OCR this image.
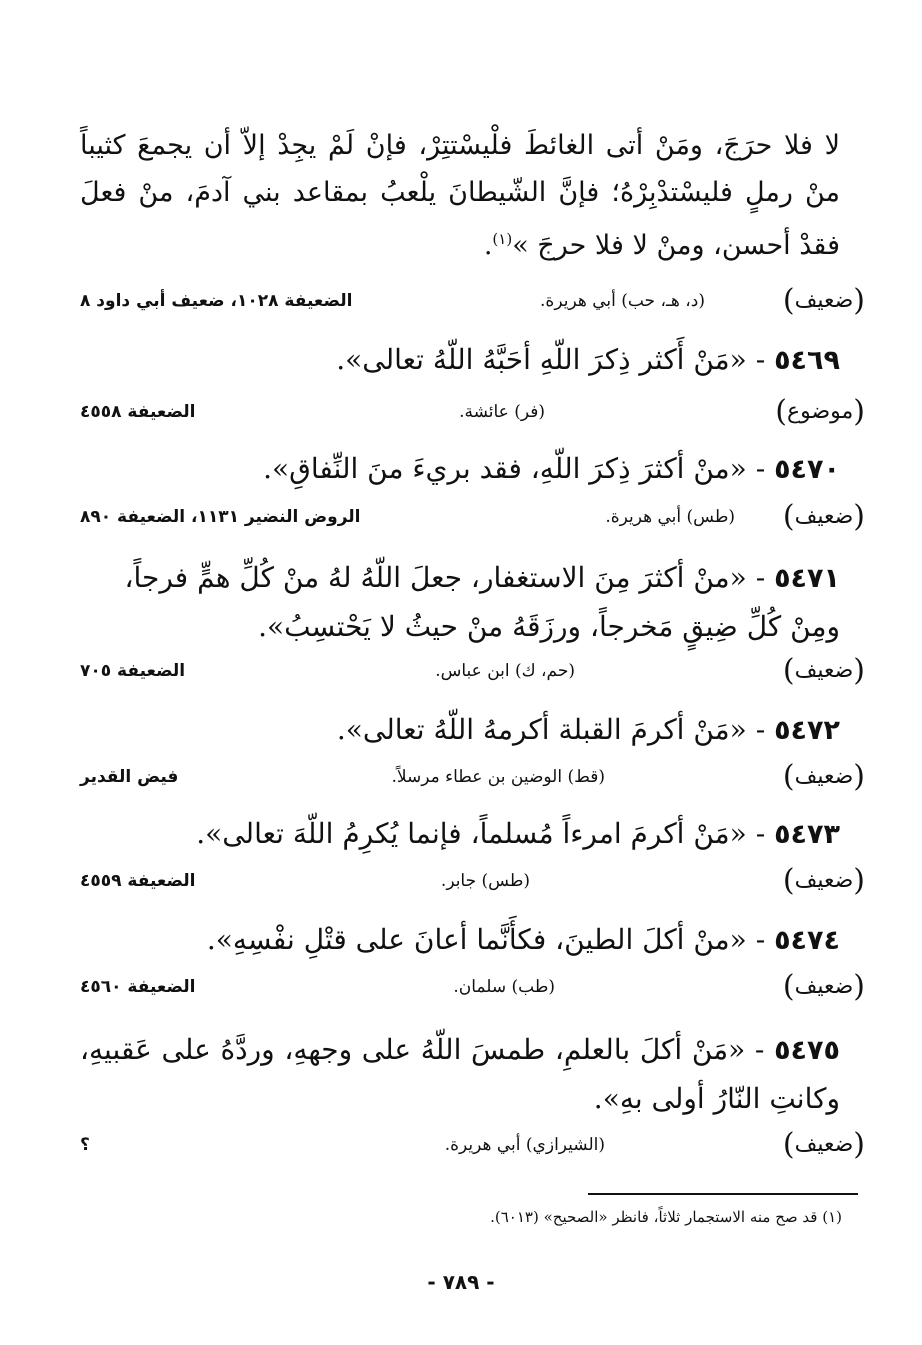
لا فلا حرَجَ، ومَنْ أتى الغائطَ فلْيسْتتِرْ، فإنْ لَمْ يجِدْ إلاّ أن يجمعَ كثيباً منْ رملٍ فليسْتدْبِرْهُ؛ فإنَّ الشّيطانَ يلْعبُ بمقاعد بني آدمَ، منْ فعلَ فقدْ أحسن، ومنْ لا فلا حرجَ »$^{(١)}$.

(ضعيف)
(د، هـ، حب) أبي هريرة.
الضعيفة ١٠٢٨، ضعيف أبي داود ٨
٥٤٦٩ - «مَنْ أَكثر ذِكرَ اللّهِ أحَبَّهُ اللّهُ تعالى».
(موضوع)
(فر) عائشة.
الضعيفة ٤٥٥٨
٥٤٧٠ - «منْ أكثرَ ذِكرَ اللّهِ، فقد بريءَ منَ النِّفاقِ».
(ضعيف)
(طس) أبي هريرة.
الروض النضير ١١٣١، الضعيفة ٨٩٠
٥٤٧١ - «منْ أكثرَ مِنَ الاستغفار، جعلَ اللّهُ لهُ منْ كُلِّ همٍّ فرجاً، ومِنْ كُلِّ ضِيقٍ مَخرجاً، ورزَقَهُ منْ حيثُ لا يَحْتسِبُ».
(ضعيف)
(حم، ك) ابن عباس.
الضعيفة ٧٠٥
٥٤٧٢ - «مَنْ أكرمَ القبلة أكرمهُ اللّهُ تعالى».
(ضعيف)
(قط) الوضين بن عطاء مرسلاً.
فيض القدير
٥٤٧٣ - «مَنْ أكرمَ امرءاً مُسلماً، فإنما يُكرِمُ اللّهَ تعالى».
(ضعيف)
(طس) جابر.
الضعيفة ٤٥٥٩
٥٤٧٤ - «منْ أكلَ الطينَ، فكأَنَّما أعانَ على قتْلِ نفْسِهِ».
(ضعيف)
(طب) سلمان.
الضعيفة ٤٥٦٠
٥٤٧٥ - «مَنْ أكلَ بالعلمِ، طمسَ اللّهُ على وجههِ، وردَّهُ على عَقبيهِ، وكانتِ النّارُ أولى بهِ».
(ضعيف)
(الشيرازي) أبي هريرة.
؟
(١) قد صح منه الاستجمار ثلاثاً، فانظر «الصحيح» (٦٠١٣).
- ٧٨٩ -
